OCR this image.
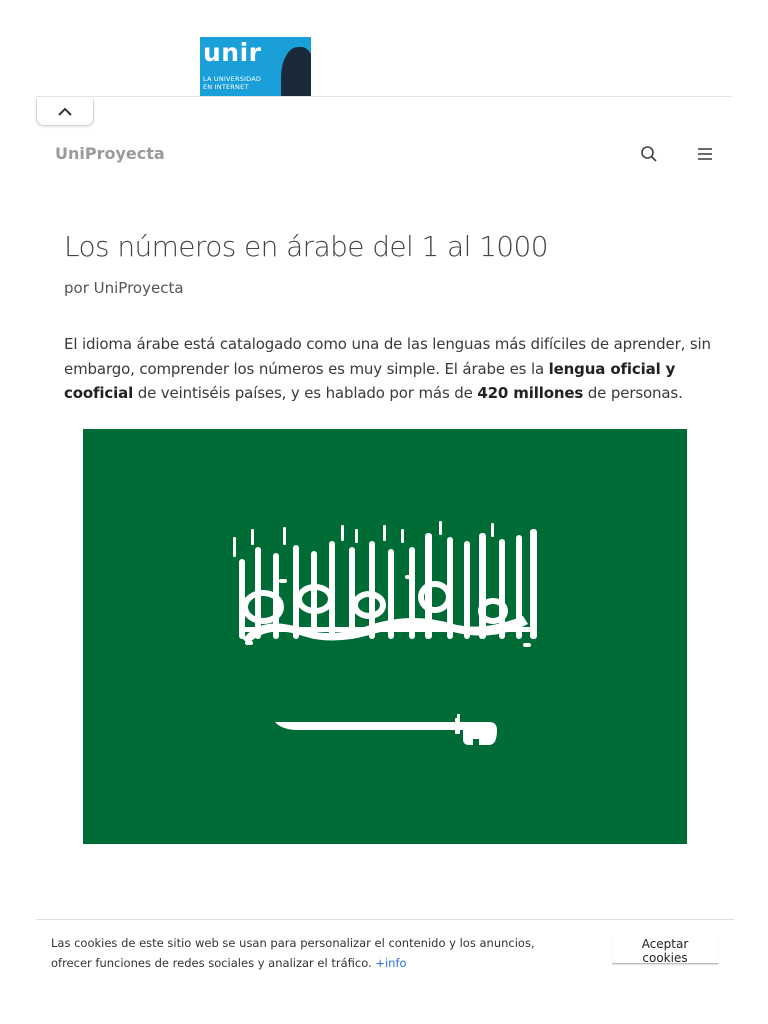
unir
LA UNIVERSIDAD
EN INTERNET
UniProyecta
Los números en árabe del 1 al 1000
por UniProyecta

El idioma árabe está catalogado como una de las lenguas más difíciles de aprender, sin embargo, comprender los números es muy simple. El árabe es la lengua oficial y cooficial de veintiséis países, y es hablado por más de 420 millones de personas.

Las cookies de este sitio web se usan para personalizar el contenido y los anuncios, ofrecer funciones de redes sociales y analizar el tráfico. +info
Aceptar cookies
